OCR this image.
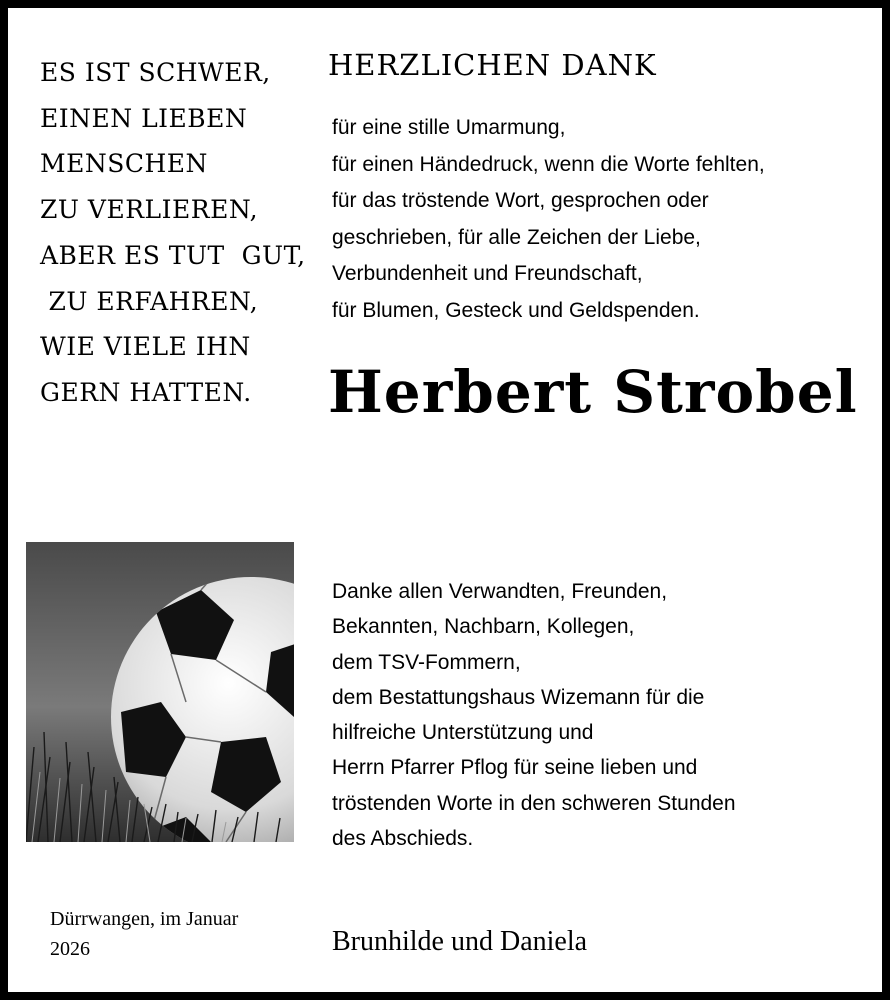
ES IST SCHWER,
EINEN LIEBEN
MENSCHEN
ZU VERLIEREN,
ABER ES TUT  GUT,
ZU ERFAHREN,
WIE VIELE IHN
GERN HATTEN.
HERZLICHEN DANK
für eine stille Umarmung,
für einen Händedruck, wenn die Worte fehlten,
für das tröstende Wort, gesprochen oder
geschrieben, für alle Zeichen der Liebe,
Verbundenheit und Freundschaft,
für Blumen, Gesteck und Geldspenden.
Herbert Strobel
Danke allen Verwandten, Freunden,
Bekannten, Nachbarn, Kollegen,
dem TSV-Fommern,
dem Bestattungshaus Wizemann für die
hilfreiche Unterstützung und
Herrn Pfarrer Pflog für seine lieben und
tröstenden Worte in den schweren Stunden
des Abschieds.
Dürrwangen, im Januar
2026	Brunhilde und Daniela
